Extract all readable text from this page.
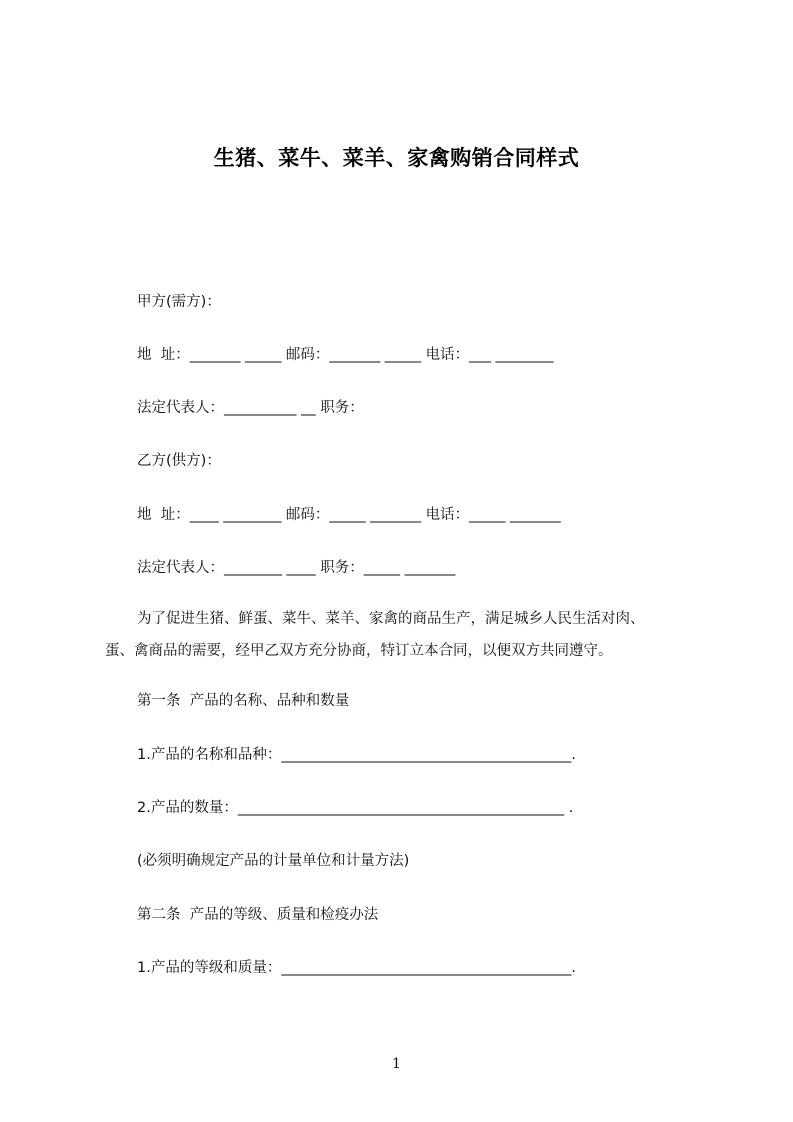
生猪、菜牛、菜羊、家禽购销合同样式
甲方(需方)：
地  址：_______ _____ 邮码：_______ _____ 电话：___ ________
法定代表人：__________ __ 职务：
乙方(供方)：
地  址：____ ________ 邮码：_____ _______ 电话：_____ _______
法定代表人：________ ____ 职务：_____ _______
为了促进生猪、鲜蛋、菜牛、菜羊、家禽的商品生产，满足城乡人民生活对肉、
蛋、禽商品的需要，经甲乙双方充分协商，特订立本合同，以便双方共同遵守。
第一条  产品的名称、品种和数量
1.产品的名称和品种：________________________________________.
2.产品的数量：_____________________________________________ .
(必须明确规定产品的计量单位和计量方法)
第二条  产品的等级、质量和检疫办法
1.产品的等级和质量：________________________________________.
1
